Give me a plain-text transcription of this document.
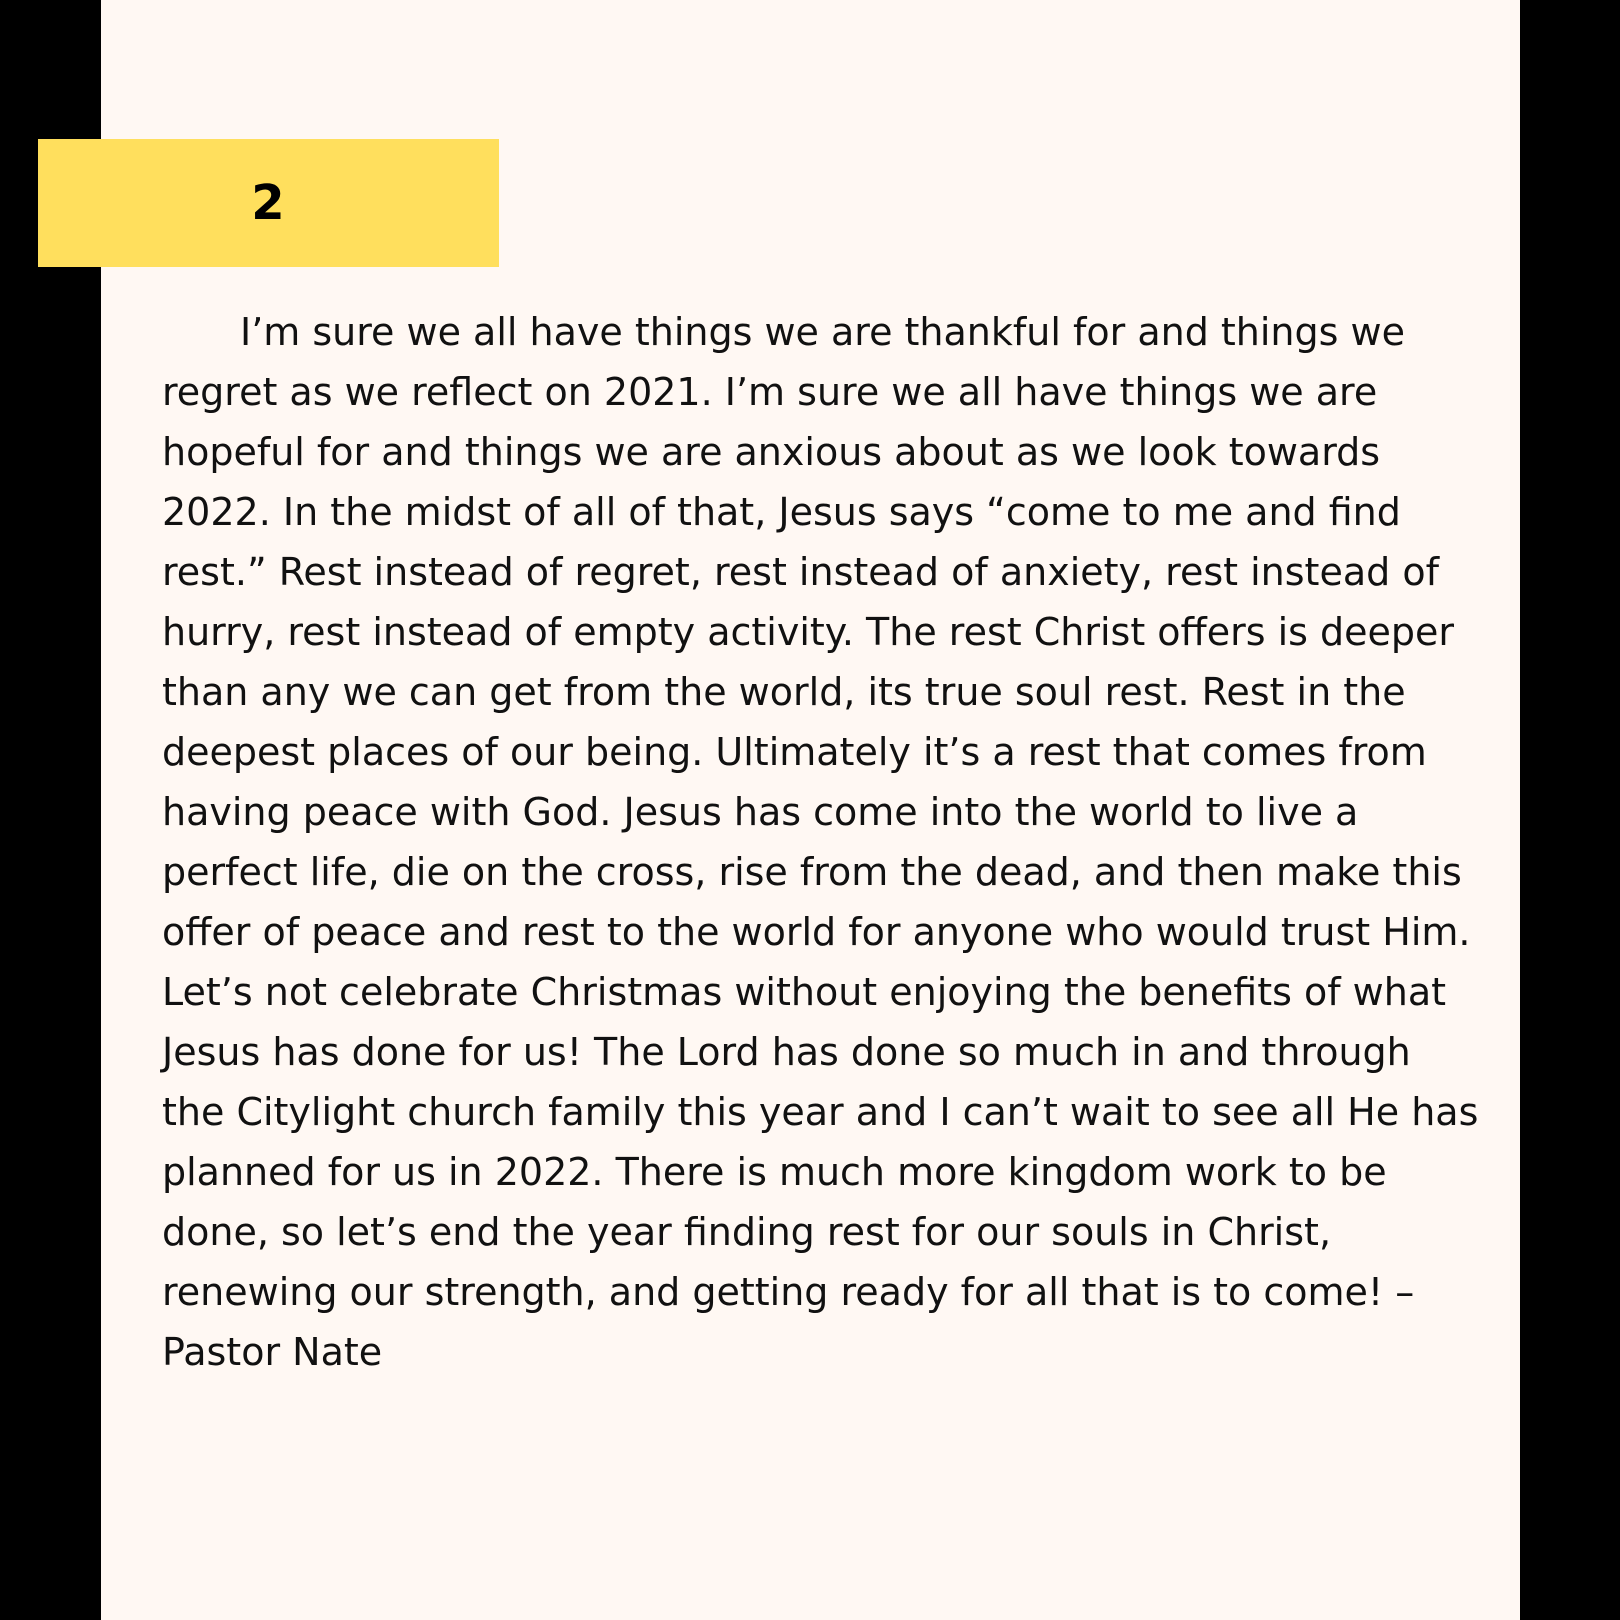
2

I’m sure we all have things we are thankful for and things we regret as we reflect on 2021. I’m sure we all have things we are hopeful for and things we are anxious about as we look towards 2022. In the midst of all of that, Jesus says “come to me and find rest.” Rest instead of regret, rest instead of anxiety, rest instead of hurry, rest instead of empty activity. The rest Christ offers is deeper than any we can get from the world, its true soul rest. Rest in the deepest places of our being. Ultimately it’s a rest that comes from having peace with God. Jesus has come into the world to live a perfect life, die on the cross, rise from the dead, and then make this offer of peace and rest to the world for anyone who would trust Him. Let’s not celebrate Christmas without enjoying the benefits of what Jesus has done for us! The Lord has done so much in and through the Citylight church family this year and I can’t wait to see all He has planned for us in 2022. There is much more kingdom work to be done, so let’s end the year finding rest for our souls in Christ, renewing our strength, and getting ready for all that is to come! – Pastor Nate
